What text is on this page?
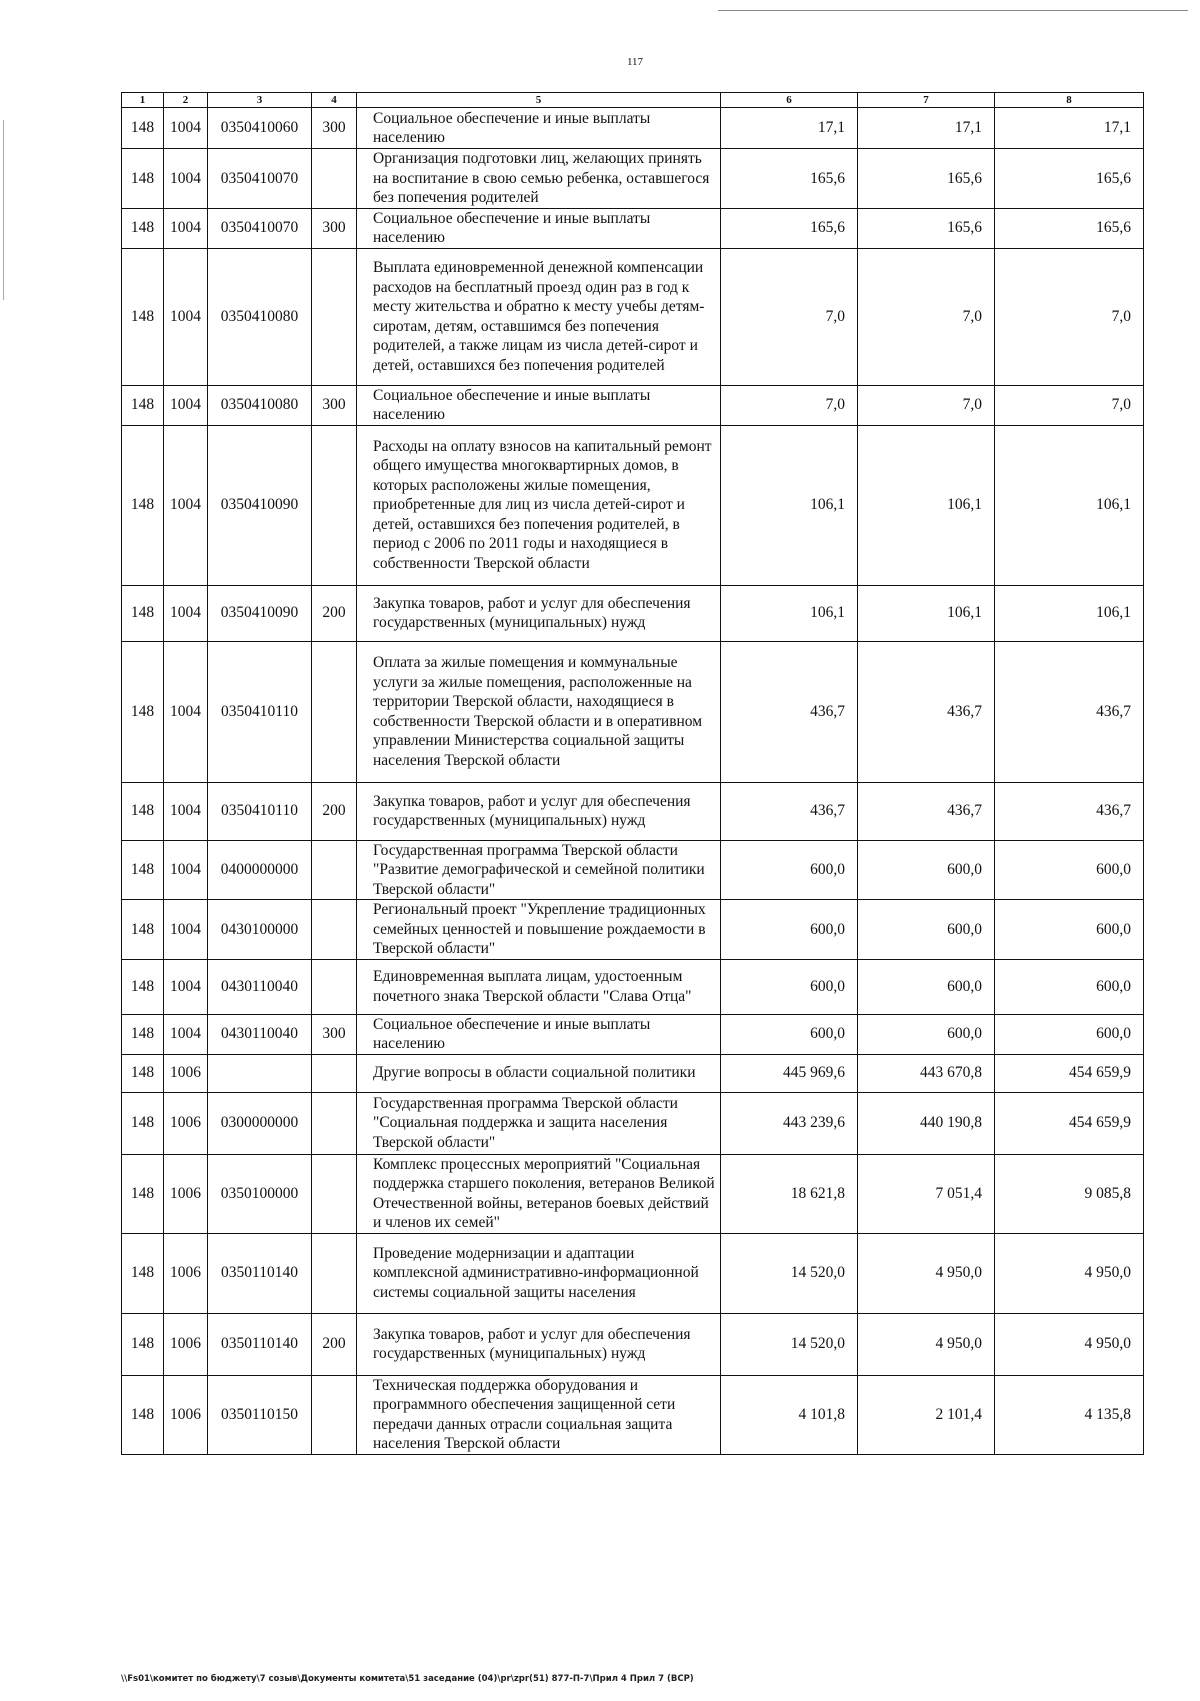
117
1	2	3	4	5	6	7	8
148	1004	0350410060	300	Социальное обеспечение и иные выплаты населению	17,1	17,1	17,1
148	1004	0350410070		Организация подготовки лиц, желающих принять на воспитание в свою семью ребенка, оставшегося без попечения родителей	165,6	165,6	165,6
148	1004	0350410070	300	Социальное обеспечение и иные выплаты населению	165,6	165,6	165,6
148	1004	0350410080		Выплата единовременной денежной компенсации расходов на бесплатный проезд один раз в год к месту жительства и обратно к месту учебы детям-сиротам, детям, оставшимся без попечения родителей, а также лицам из числа детей-сирот и детей, оставшихся без попечения родителей	7,0	7,0	7,0
148	1004	0350410080	300	Социальное обеспечение и иные выплаты населению	7,0	7,0	7,0
148	1004	0350410090		Расходы на оплату взносов на капитальный ремонт общего имущества многоквартирных домов, в которых расположены жилые помещения, приобретенные для лиц из числа детей-сирот и детей, оставшихся без попечения родителей, в период с 2006 по 2011 годы и находящиеся в собственности Тверской области	106,1	106,1	106,1
148	1004	0350410090	200	Закупка товаров, работ и услуг для обеспечения государственных (муниципальных) нужд	106,1	106,1	106,1
148	1004	0350410110		Оплата за жилые помещения и коммунальные услуги за жилые помещения, расположенные на территории Тверской области, находящиеся в собственности Тверской области и в оперативном управлении Министерства социальной защиты населения Тверской области	436,7	436,7	436,7
148	1004	0350410110	200	Закупка товаров, работ и услуг для обеспечения государственных (муниципальных) нужд	436,7	436,7	436,7
148	1004	0400000000		Государственная программа Тверской области "Развитие демографической и семейной политики Тверской области"	600,0	600,0	600,0
148	1004	0430100000		Региональный проект "Укрепление традиционных семейных ценностей и повышение рождаемости в Тверской области"	600,0	600,0	600,0
148	1004	0430110040		Единовременная выплата лицам, удостоенным почетного знака Тверской области "Слава Отца"	600,0	600,0	600,0
148	1004	0430110040	300	Социальное обеспечение и иные выплаты населению	600,0	600,0	600,0
148	1006			Другие вопросы в области социальной политики	445 969,6	443 670,8	454 659,9
148	1006	0300000000		Государственная программа Тверской области "Социальная поддержка и защита населения Тверской области"	443 239,6	440 190,8	454 659,9
148	1006	0350100000		Комплекс процессных мероприятий "Социальная поддержка старшего поколения, ветеранов Великой Отечественной войны, ветеранов боевых действий и членов их семей"	18 621,8	7 051,4	9 085,8
148	1006	0350110140		Проведение модернизации и адаптации комплексной административно-информационной системы социальной защиты населения	14 520,0	4 950,0	4 950,0
148	1006	0350110140	200	Закупка товаров, работ и услуг для обеспечения государственных (муниципальных) нужд	14 520,0	4 950,0	4 950,0
148	1006	0350110150		Техническая поддержка оборудования и программного обеспечения защищенной сети передачи данных отрасли социальная защита населения Тверской области	4 101,8	2 101,4	4 135,8
\\Fs01\комитет по бюджету\7 созыв\Документы комитета\51 заседание (04)\pr\zpr(51) 877-П-7\Прил 4 Прил 7 (ВСР)
